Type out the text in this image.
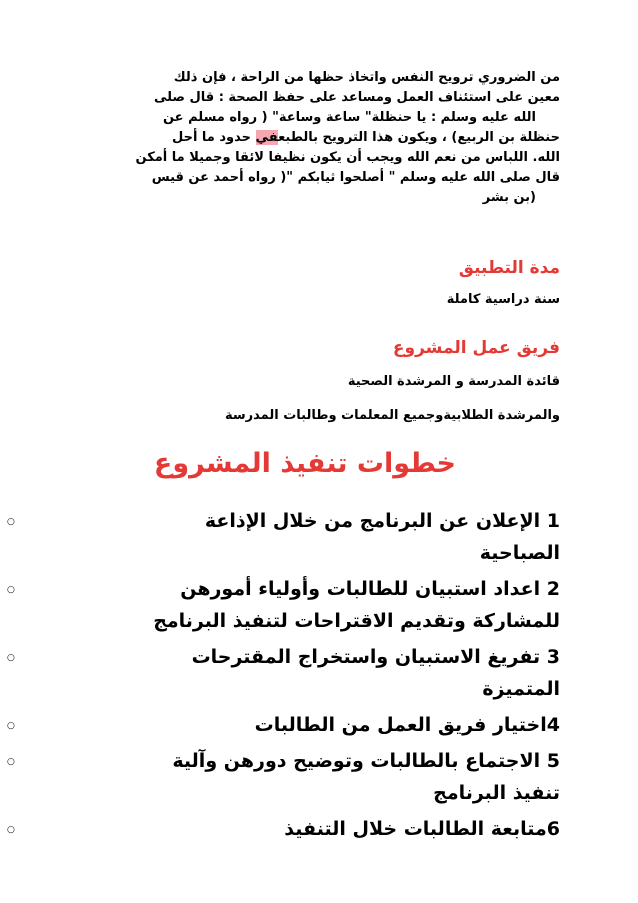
من الضروري ترويح النفس واتخاذ حظها من الراحة ، فإن ذلك
معين على استئناف العمل ومساعد على حفظ الصحة : قال صلى
الله عليه وسلم : يا حنظلة" ساعة وساعة" ( رواه مسلم عن
حنظلة بن الربيع) ، ويكون هذا الترويح بالطبعفي حدود ما أحل
الله. اللباس من نعم الله ويجب أن يكون نظيفا لائقا وجميلا ما أمكن
قال صلى الله عليه وسلم " أصلحوا ثيابكم "( رواه أحمد عن قيس
(بن بشر
مدة التطبيق
سنة دراسية كاملة
فريق عمل المشروع
قائدة المدرسة و المرشدة الصحية
والمرشدة الطلابيةوجميع المعلمات وطالبات المدرسة
خطوات تنفيذ المشروع
○	1 الإعلان عن البرنامج من خلال الإذاعة
الصباحية
○	2 اعداد استبيان للطالبات وأولياء أمورهن
للمشاركة وتقديم الاقتراحات لتنفيذ البرنامج
○	3 تفريغ الاستبيان واستخراج المقترحات
المتميزة
○	4اختيار فريق العمل من الطالبات
○	5 الاجتماع بالطالبات وتوضيح دورهن وآلية
تنفيذ البرنامج
○	6متابعة الطالبات خلال التنفيذ
